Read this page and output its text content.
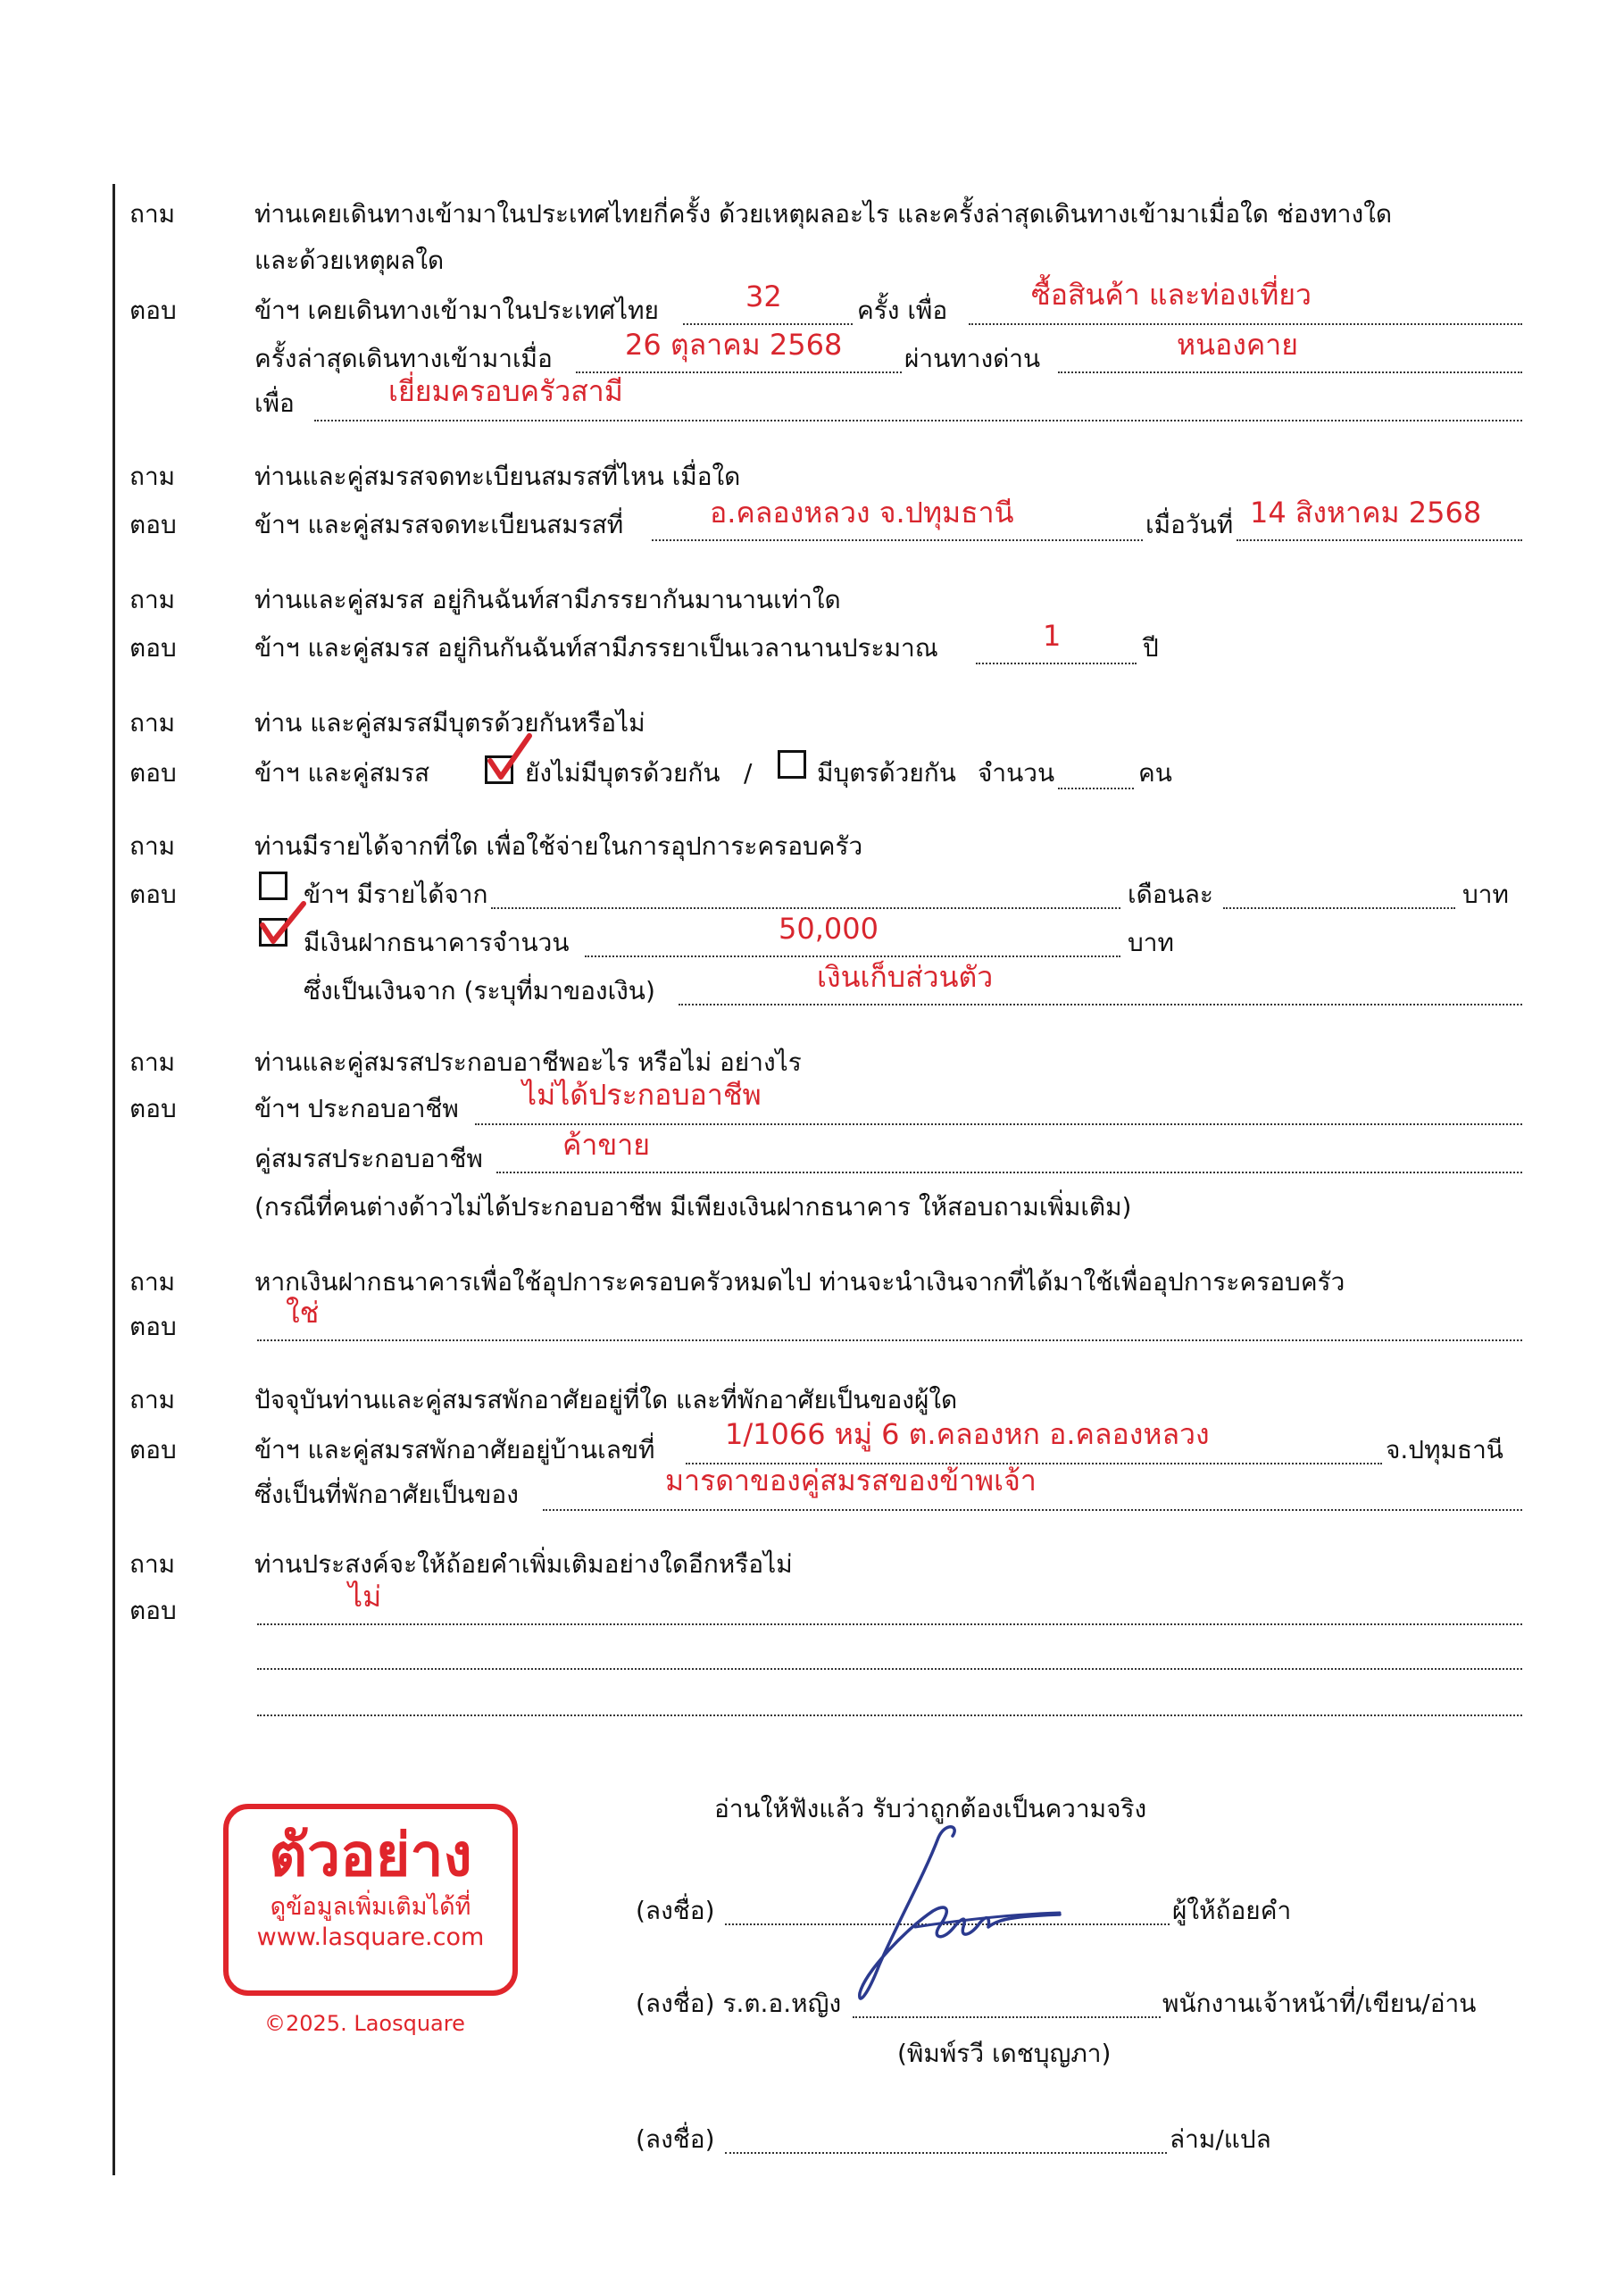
ถาม	ท่านเคยเดินทางเข้ามาในประเทศไทยกี่ครั้ง ด้วยเหตุผลอะไร และครั้งล่าสุดเดินทางเข้ามาเมื่อใด ช่องทางใด
และด้วยเหตุผลใด
ตอบ	ข้าฯ เคยเดินทางเข้ามาในประเทศไทย	32	ครั้ง เพื่อ	ซื้อสินค้า และท่องเที่ยว
ครั้งล่าสุดเดินทางเข้ามาเมื่อ	26 ตุลาคม 2568 ผ่านทางด่าน	หนองคาย
เพื่อ	เยี่ยมครอบครัวสามี
ถาม	ท่านและคู่สมรสจดทะเบียนสมรสที่ไหน เมื่อใด
ตอบ	ข้าฯ และคู่สมรสจดทะเบียนสมรสที่	อ.คลองหลวง จ.ปทุมธานี	เมื่อวันที่ 14 สิงหาคม 2568
ถาม	ท่านและคู่สมรส อยู่กินฉันท์สามีภรรยากันมานานเท่าใด
ตอบ	ข้าฯ และคู่สมรส อยู่กินกันฉันท์สามีภรรยาเป็นเวลานานประมาณ	1	ปี
ถาม	ท่าน และคู่สมรสมีบุตรด้วยกันหรือไม่
ตอบ	ข้าฯ และคู่สมรส	ยังไม่มีบุตรด้วยกัน /	มีบุตรด้วยกัน จำนวน	คน
ถาม	ท่านมีรายได้จากที่ใด เพื่อใช้จ่ายในการอุปการะครอบครัว
ตอบ	ข้าฯ มีรายได้จาก	เดือนละ	บาท
มีเงินฝากธนาคารจำนวน	50,000	บาท
ซึ่งเป็นเงินจาก (ระบุที่มาของเงิน)	เงินเก็บส่วนตัว
ถาม	ท่านและคู่สมรสประกอบอาชีพอะไร หรือไม่ อย่างไร
ตอบ	ข้าฯ ประกอบอาชีพ ไม่ได้ประกอบอาชีพ
คู่สมรสประกอบอาชีพ	ค้าขาย
(กรณีที่คนต่างด้าวไม่ได้ประกอบอาชีพ มีเพียงเงินฝากธนาคาร ให้สอบถามเพิ่มเติม)
ถาม	หากเงินฝากธนาคารเพื่อใช้อุปการะครอบครัวหมดไป ท่านจะนำเงินจากที่ได้มาใช้เพื่ออุปการะครอบครัว
ตอบ	ใช่
ถาม	ปัจจุบันท่านและคู่สมรสพักอาศัยอยู่ที่ใด และที่พักอาศัยเป็นของผู้ใด
ตอบ	ข้าฯ และคู่สมรสพักอาศัยอยู่บ้านเลขที่ 1/1066 หมู่ 6 ต.คลองหก อ.คลองหลวง	จ.ปทุมธานี
ซึ่งเป็นที่พักอาศัยเป็นของ	มารดาของคู่สมรสของข้าพเจ้า
ถาม	ท่านประสงค์จะให้ถ้อยคำเพิ่มเติมอย่างใดอีกหรือไม่
ตอบ	ไม่
อ่านให้ฟังแล้ว รับว่าถูกต้องเป็นความจริง
(ลงชื่อ)	ผู้ให้ถ้อยคำ
(ลงชื่อ) ร.ต.อ.หญิง	พนักงานเจ้าหน้าที่/เขียน/อ่าน
(พิมพ์รวี เดชบุญภา)
(ลงชื่อ)	ล่าม/แปล
ตัวอย่าง
ดูข้อมูลเพิ่มเติมได้ที่
www.lasquare.com
©2025. Laosquare
